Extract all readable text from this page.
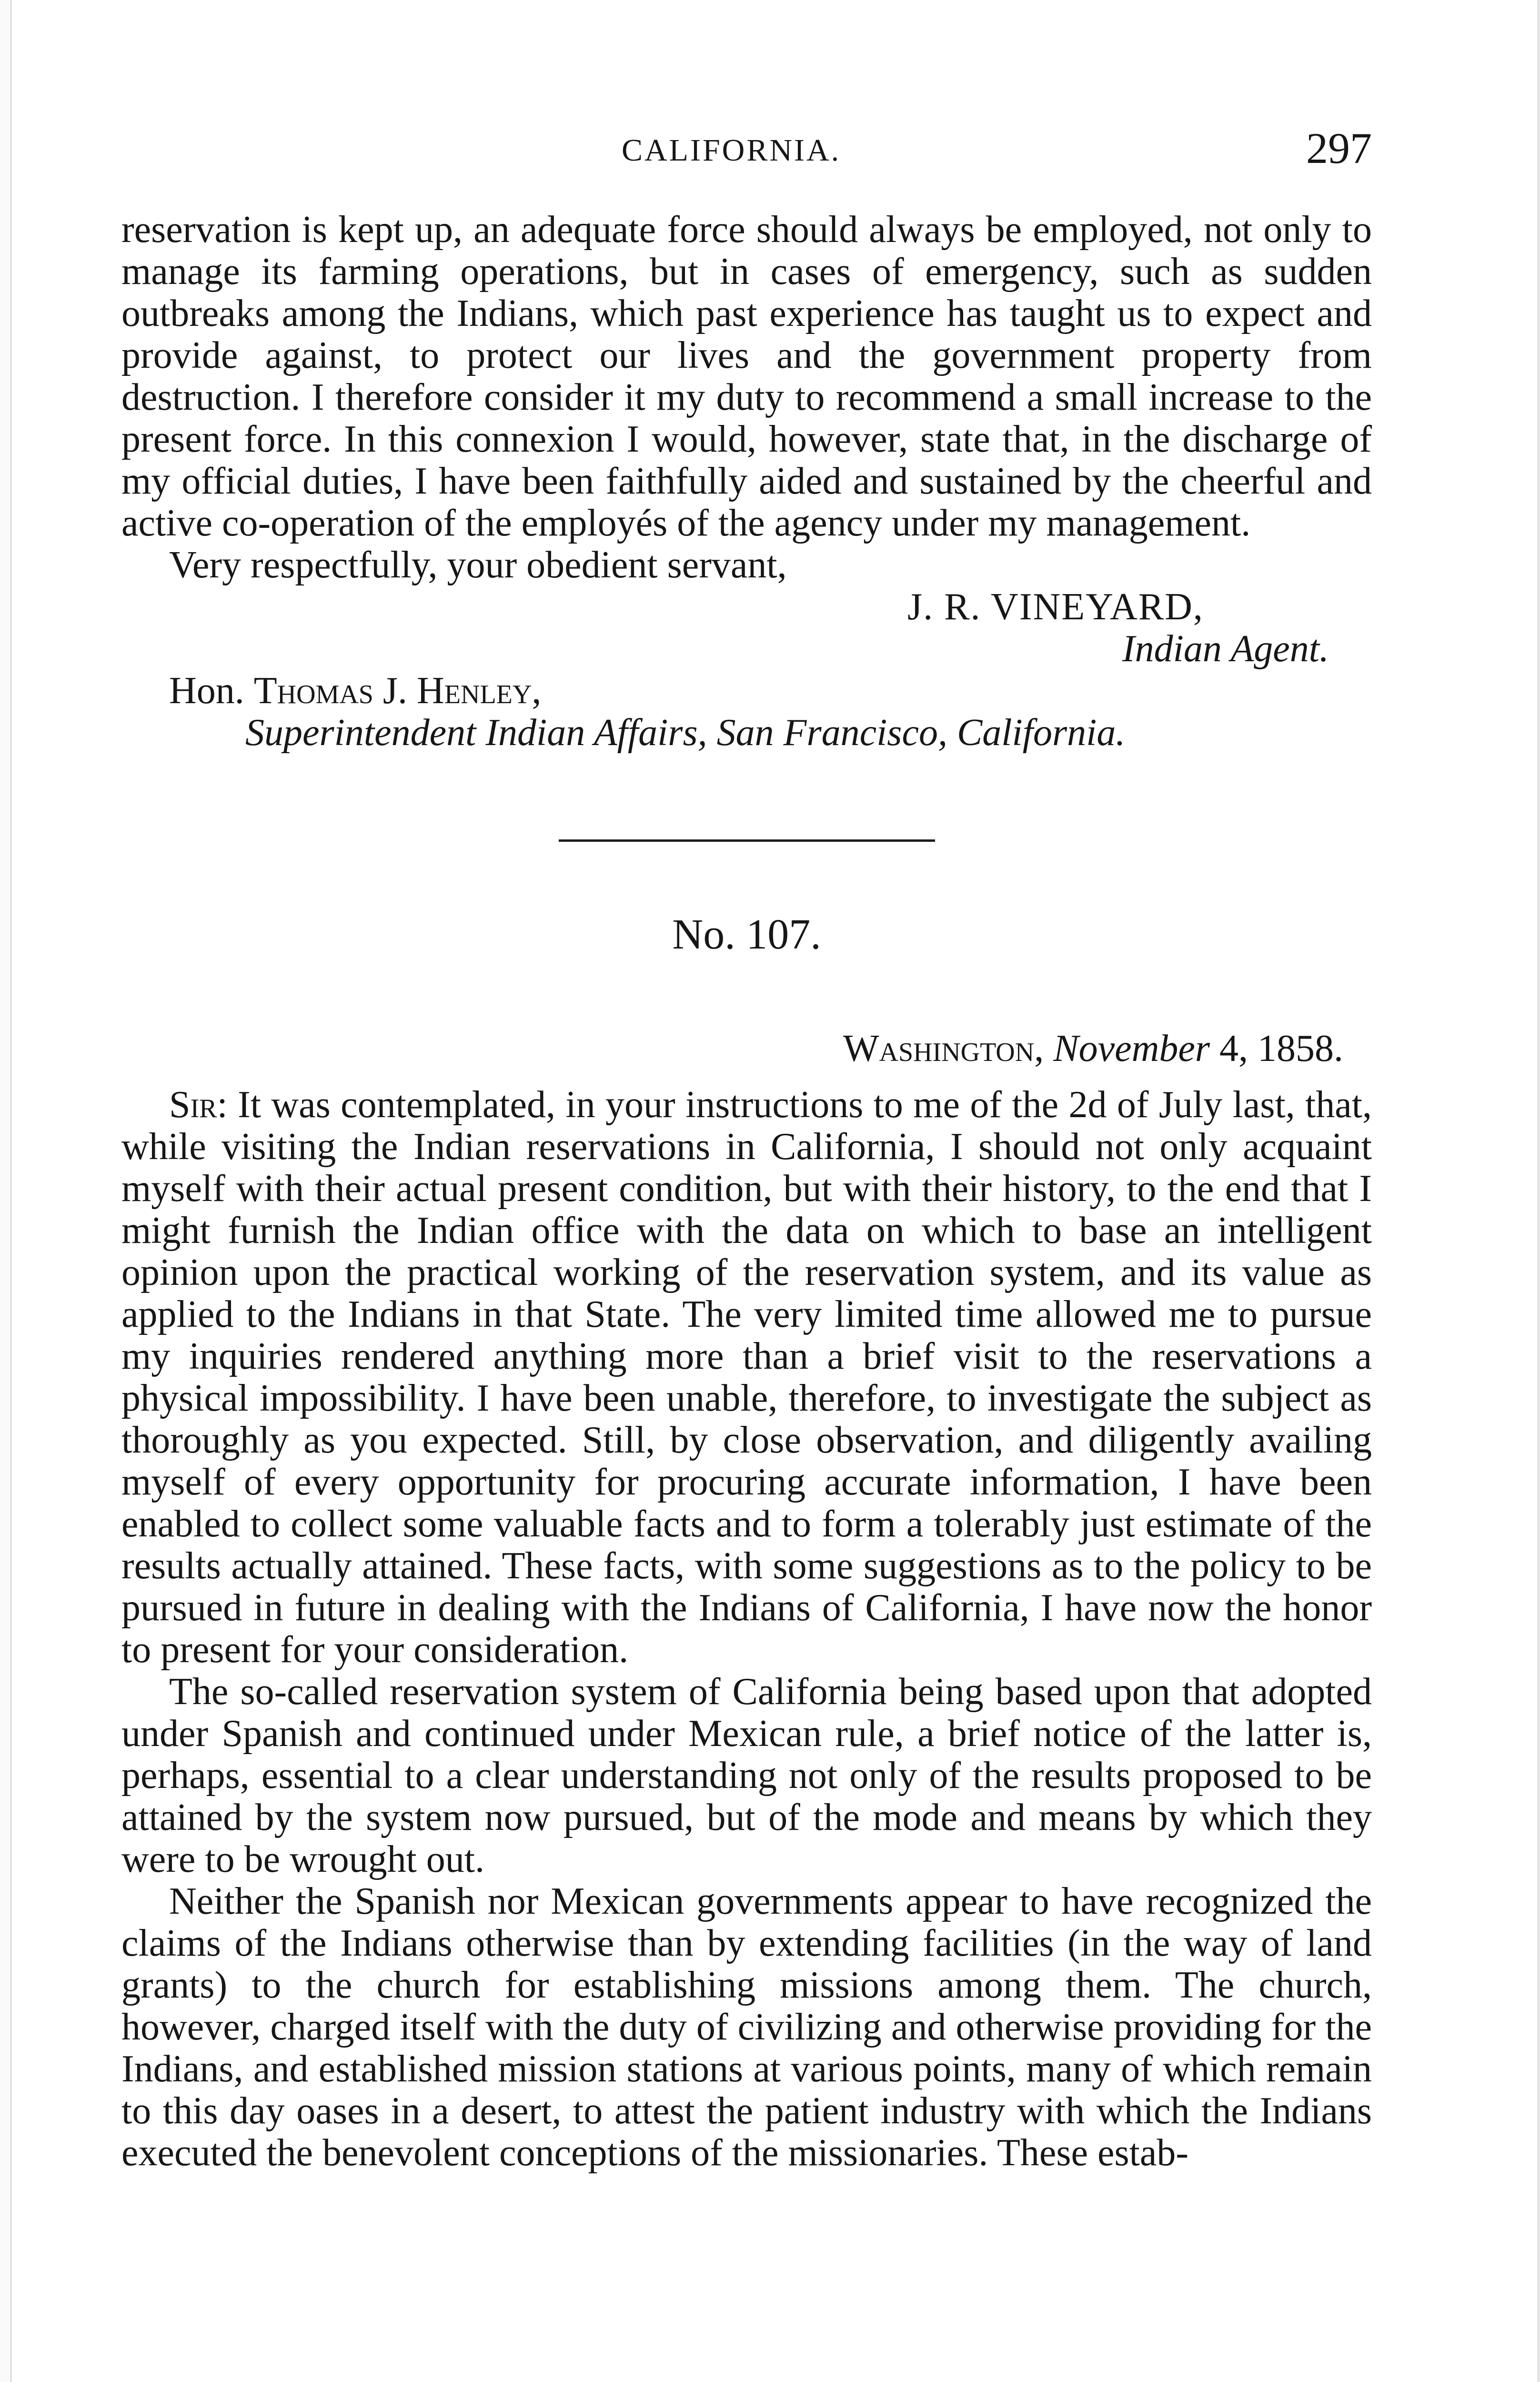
CALIFORNIA.	297

reservation is kept up, an adequate force should always be employed, not only to manage its farming operations, but in cases of emergency, such as sudden outbreaks among the Indians, which past experience has taught us to expect and provide against, to protect our lives and the government property from destruction. I therefore consider it my duty to recommend a small increase to the present force. In this connexion I would, however, state that, in the discharge of my official duties, I have been faithfully aided and sustained by the cheerful and active co-operation of the employés of the agency under my management.

Very respectfully, your obedient servant,

J. R. VINEYARD,

Indian Agent.

Hon. Thomas J. Henley,

Superintendent Indian Affairs, San Francisco, California.

No. 107.

Washington, November 4, 1858.

Sir: It was contemplated, in your instructions to me of the 2d of July last, that, while visiting the Indian reservations in California, I should not only acquaint myself with their actual present condition, but with their history, to the end that I might furnish the Indian office with the data on which to base an intelligent opinion upon the practical working of the reservation system, and its value as applied to the Indians in that State. The very limited time allowed me to pursue my inquiries rendered anything more than a brief visit to the reservations a physical impossibility. I have been unable, therefore, to investigate the subject as thoroughly as you expected. Still, by close observation, and diligently availing myself of every opportunity for procuring accurate information, I have been enabled to collect some valuable facts and to form a tolerably just estimate of the results actually attained. These facts, with some suggestions as to the policy to be pursued in future in dealing with the Indians of California, I have now the honor to present for your consideration.

The so-called reservation system of California being based upon that adopted under Spanish and continued under Mexican rule, a brief notice of the latter is, perhaps, essential to a clear understanding not only of the results proposed to be attained by the system now pursued, but of the mode and means by which they were to be wrought out.

Neither the Spanish nor Mexican governments appear to have recognized the claims of the Indians otherwise than by extending facilities (in the way of land grants) to the church for establishing missions among them. The church, however, charged itself with the duty of civilizing and otherwise providing for the Indians, and established mission stations at various points, many of which remain to this day oases in a desert, to attest the patient industry with which the Indians executed the benevolent conceptions of the missionaries. These estab-
